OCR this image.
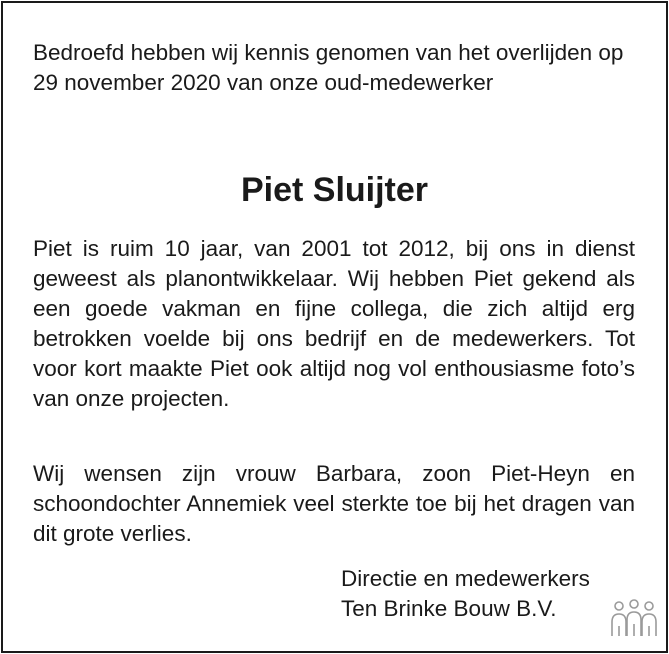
Bedroefd hebben wij kennis genomen van het overlijden op 29 november 2020 van onze oud-medewerker
Piet Sluijter
Piet is ruim 10 jaar, van 2001 tot 2012, bij ons in dienst geweest als planontwikkelaar. Wij hebben Piet gekend als een goede vakman en fijne collega, die zich altijd erg betrokken voelde bij ons bedrijf en de medewerkers. Tot voor kort maakte Piet ook altijd nog vol enthousiasme foto’s van onze projecten.
Wij wensen zijn vrouw Barbara, zoon Piet-Heyn en schoondochter Annemiek veel sterkte toe bij het dragen van dit grote verlies.
Directie en medewerkers
Ten Brinke Bouw B.V.
